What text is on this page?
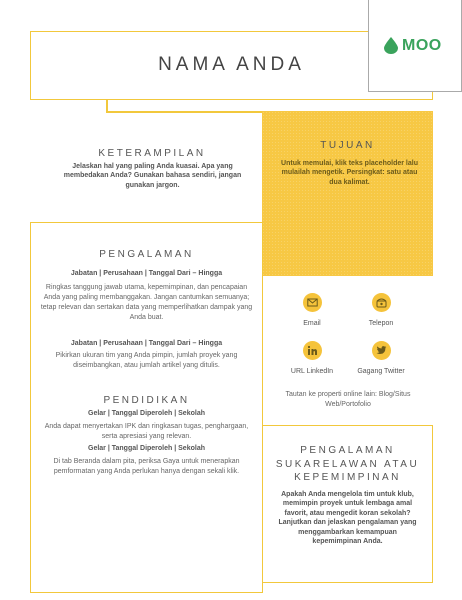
NAMA ANDA
MOO
KETERAMPILAN
Jelaskan hal yang paling Anda kuasai. Apa yang membedakan Anda? Gunakan bahasa sendiri, jangan gunakan jargon.
TUJUAN
Untuk memulai, klik teks placeholder lalu mulailah mengetik. Persingkat: satu atau dua kalimat.
PENGALAMAN
Jabatan | Perusahaan | Tanggal Dari – Hingga
Ringkas tanggung jawab utama, kepemimpinan, dan pencapaian Anda yang paling membanggakan. Jangan cantumkan semuanya; tetap relevan dan sertakan data yang memperlihatkan dampak yang Anda buat.
Jabatan | Perusahaan | Tanggal Dari – Hingga
Pikirkan ukuran tim yang Anda pimpin, jumlah proyek yang diseimbangkan, atau jumlah artikel yang ditulis.
PENDIDIKAN
Gelar | Tanggal Diperoleh | Sekolah
Anda dapat menyertakan IPK dan ringkasan tugas, penghargaan, serta apresiasi yang relevan.
Gelar | Tanggal Diperoleh | Sekolah
Di tab Beranda dalam pita, periksa Gaya untuk menerapkan pemformatan yang Anda perlukan hanya dengan sekali klik.
Email	Telepon
URL LinkedIn	Gagang Twitter
Tautan ke properti online lain: Blog/Situs Web/Portofolio
PENGALAMAN SUKARELAWAN ATAU KEPEMIMPINAN
Apakah Anda mengelola tim untuk klub, memimpin proyek untuk lembaga amal favorit, atau mengedit koran sekolah? Lanjutkan dan jelaskan pengalaman yang menggambarkan kemampuan kepemimpinan Anda.
